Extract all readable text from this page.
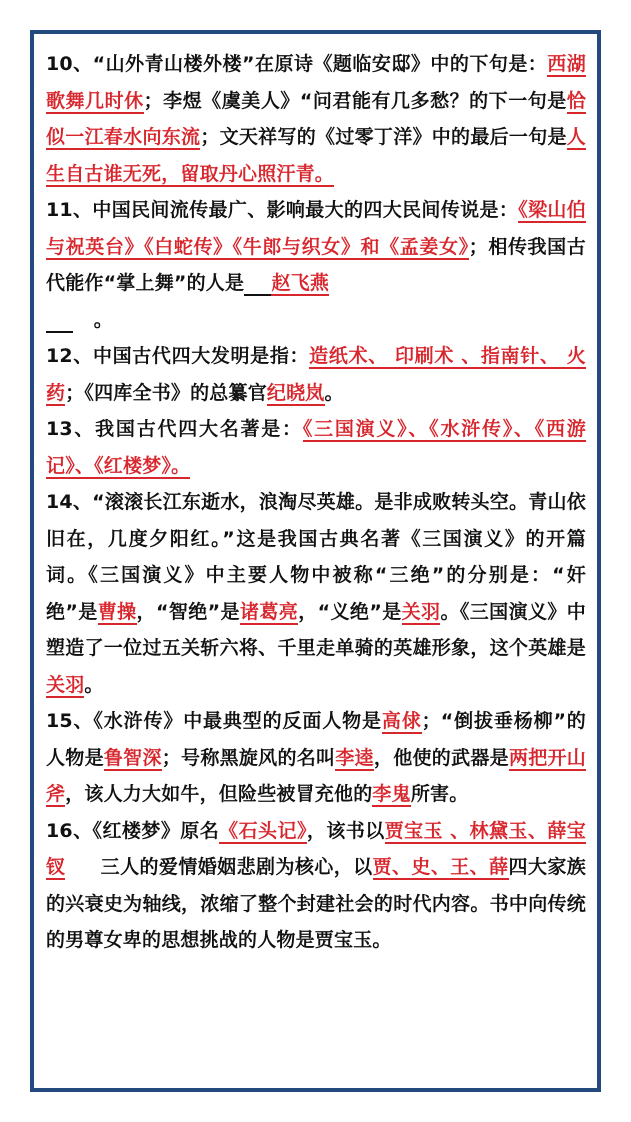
10、“山外青山楼外楼”在原诗《题临安邸》中的下句是：西湖歌舞几时休；李煜《虞美人》“问君能有几多愁？的下一句是恰似一江春水向东流；文天祥写的《过零丁洋》中的最后一句是人生自古谁无死，留取丹心照汗青。

11、中国民间流传最广、影响最大的四大民间传说是：《梁山伯与祝英台》《白蛇传》《牛郎与织女》和《孟姜女》；相传我国古代能作“掌上舞”的人是 赵飞燕
。

12、中国古代四大发明是指：造纸术、 印刷术 、指南针、 火药；《四库全书》的总纂官纪晓岚。

13、我国古代四大名著是：《三国演义》、《水浒传》、《西游记》、《红楼梦》。

14、“滚滚长江东逝水，浪淘尽英雄。是非成败转头空。青山依旧在，几度夕阳红。”这是我国古典名著《三国演义》的开篇词。《三国演义》中主要人物中被称“三绝”的分别是：“奸绝”是曹操，“智绝”是诸葛亮，“义绝”是关羽。《三国演义》中塑造了一位过五关斩六将、千里走单骑的英雄形象，这个英雄是关羽。

15、《水浒传》中最典型的反面人物是高俅；“倒拔垂杨柳”的人物是鲁智深；号称黑旋风的名叫李逵，他使的武器是两把开山斧，该人力大如牛，但险些被冒充他的李鬼所害。

16、《红楼梦》原名《石头记》，该书以贾宝玉 、林黛玉、薛宝钗 三人的爱情婚姻悲剧为核心，以贾、史、王、薛四大家族的兴衰史为轴线，浓缩了整个封建社会的时代内容。书中向传统的男尊女卑的思想挑战的人物是贾宝玉。
